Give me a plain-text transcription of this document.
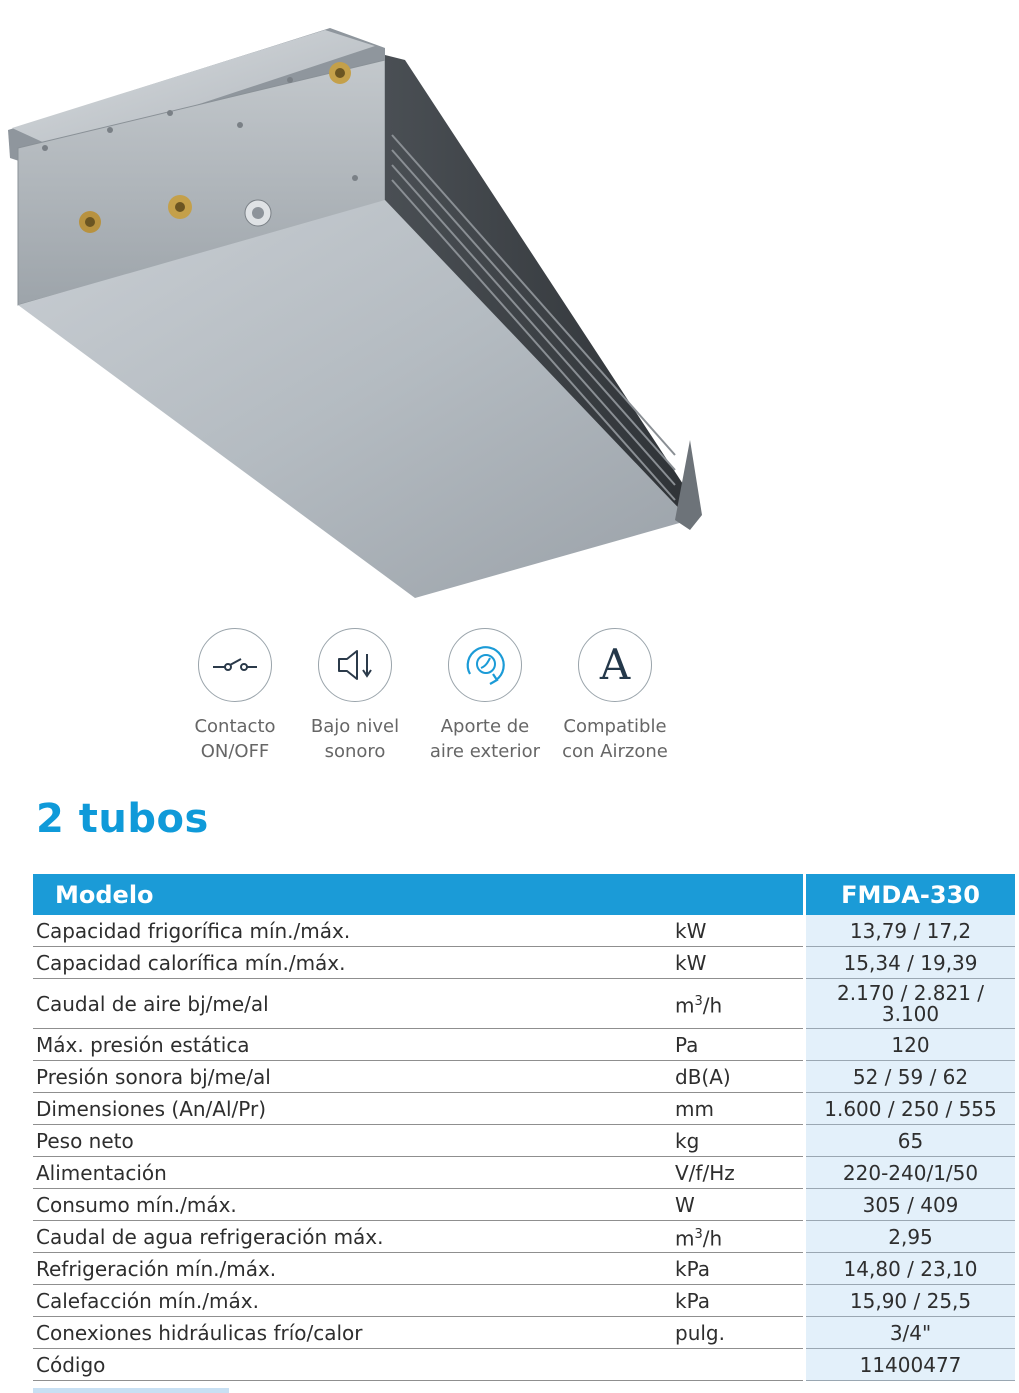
Contacto
ON/OFF
Bajo nivel
sonoro
Aporte de
aire exterior
A
Compatible
con Airzone
2 tubos
Modelo			FMDA-330
Capacidad frigorífica mín./máx.	kW		13,79 / 17,2
Capacidad calorífica mín./máx.	kW		15,34 / 19,39
Caudal de aire bj/me/al	$m^3/h$		2.170 / 2.821 / 3.100
Máx. presión estática	Pa		120
Presión sonora bj/me/al	dB(A)		52 / 59 / 62
Dimensiones (An/Al/Pr)	mm		1.600 / 250 / 555
Peso neto	kg		65
Alimentación	V/f/Hz		220-240/1/50
Consumo mín./máx.	W		305 / 409
Caudal de agua refrigeración máx.	$m^3/h$		2,95
Refrigeración mín./máx.	kPa		14,80 / 23,10
Calefacción mín./máx.	kPa		15,90 / 25,5
Conexiones hidráulicas frío/calor	pulg.		3/4"
Código			11400477
